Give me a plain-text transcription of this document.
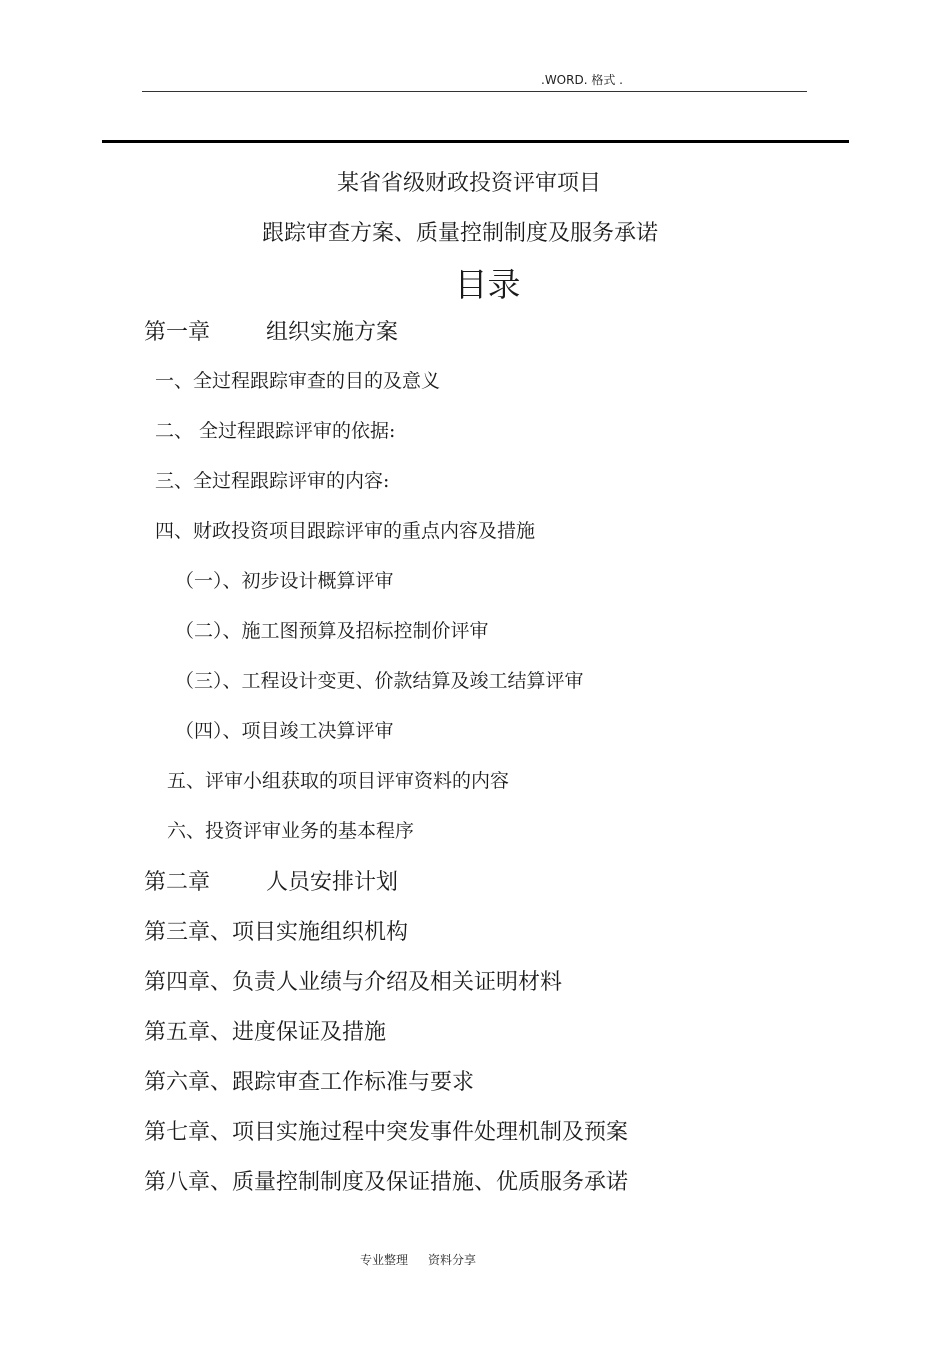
.WORD. 格式 .
某省省级财政投资评审项目
跟踪审查方案、质量控制制度及服务承诺
目录
第一章        组织实施方案
一、全过程跟踪审查的目的及意义
二、 全过程跟踪评审的依据:
三、全过程跟踪评审的内容:
四、财政投资项目跟踪评审的重点内容及措施
（一）、初步设计概算评审
（二）、施工图预算及招标控制价评审
（三）、工程设计变更、价款结算及竣工结算评审
（四）、项目竣工决算评审
五、评审小组获取的项目评审资料的内容
六、投资评审业务的基本程序
第二章        人员安排计划
第三章、项目实施组织机构
第四章、负责人业绩与介绍及相关证明材料
第五章、进度保证及措施
第六章、跟踪审查工作标准与要求
第七章、项目实施过程中突发事件处理机制及预案
第八章、质量控制制度及保证措施、优质服务承诺
专业整理 资料分享
